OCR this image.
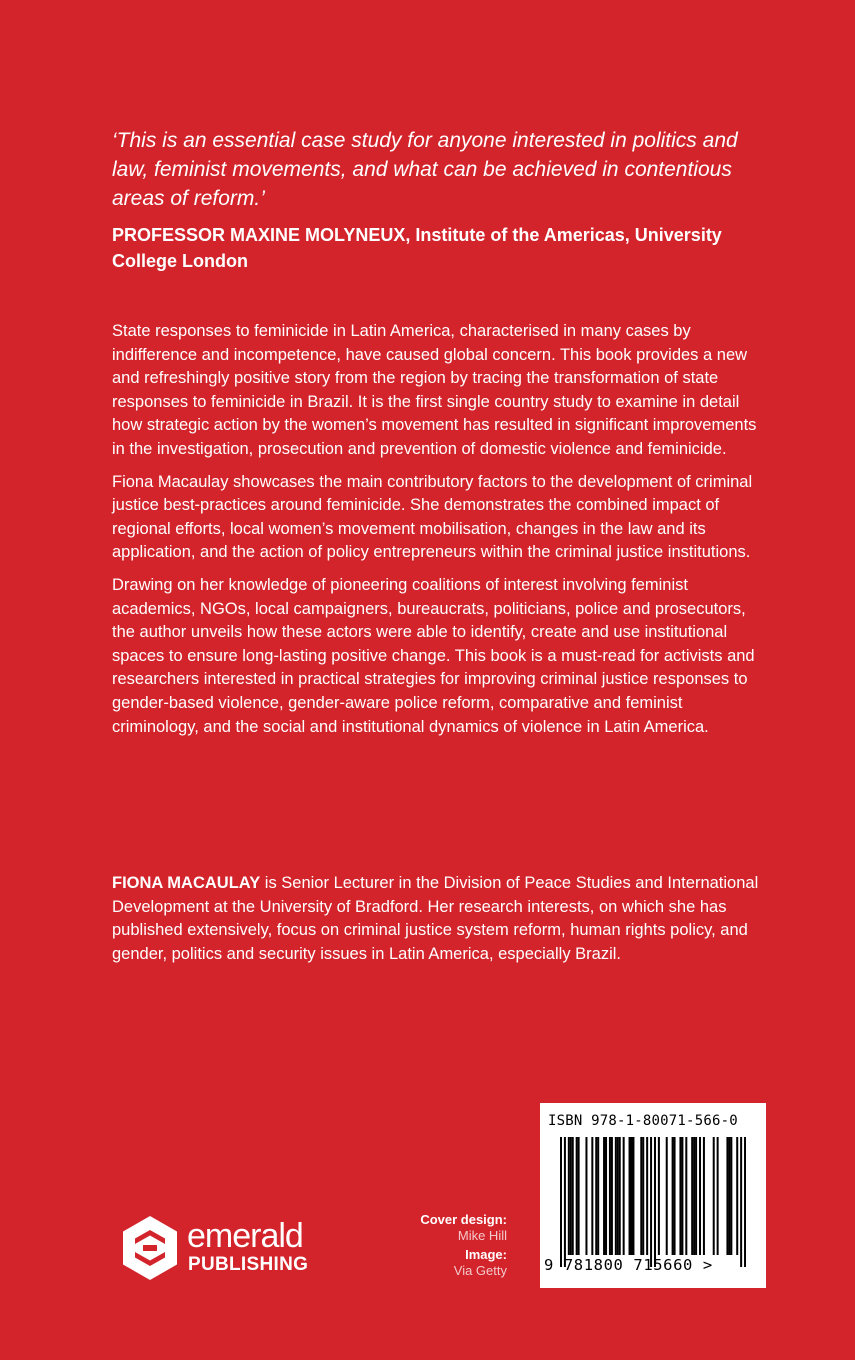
‘This is an essential case study for anyone interested in politics and law, feminist movements, and what can be achieved in contentious areas of reform.’

PROFESSOR MAXINE MOLYNEUX, Institute of the Americas, University College London

State responses to feminicide in Latin America, characterised in many cases by indifference and incompetence, have caused global concern. This book provides a new and refreshingly positive story from the region by tracing the transformation of state responses to feminicide in Brazil. It is the first single country study to examine in detail how strategic action by the women’s movement has resulted in significant improvements in the investigation, prosecution and prevention of domestic violence and feminicide.

Fiona Macaulay showcases the main contributory factors to the development of criminal justice best-practices around feminicide. She demonstrates the combined impact of regional efforts, local women’s movement mobilisation, changes in the law and its application, and the action of policy entrepreneurs within the criminal justice institutions.

Drawing on her knowledge of pioneering coalitions of interest involving feminist academics, NGOs, local campaigners, bureaucrats, politicians, police and prosecutors, the author unveils how these actors were able to identify, create and use institutional spaces to ensure long-lasting positive change. This book is a must-read for activists and researchers interested in practical strategies for improving criminal justice responses to gender-based violence, gender-aware police reform, comparative and feminist criminology, and the social and institutional dynamics of violence in Latin America.

FIONA MACAULAY is Senior Lecturer in the Division of Peace Studies and International Development at the University of Bradford. Her research interests, on which she has published extensively, focus on criminal justice system reform, human rights policy, and gender, politics and security issues in Latin America, especially Brazil.

emerald
PUBLISHING
Cover design:
Mike Hill
Image:
Via Getty
ISBN 978-1-80071-566-0
9 781800 715660 >
